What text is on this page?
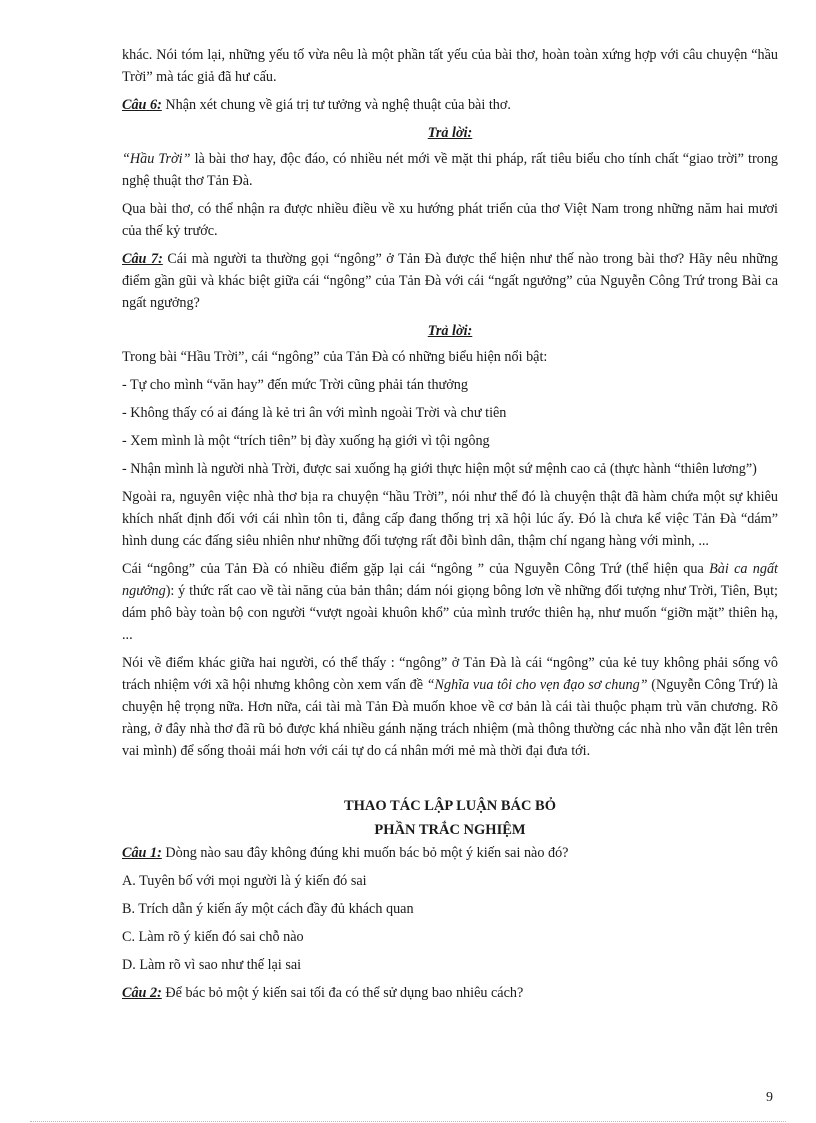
khác. Nói tóm lại, những yếu tố vừa nêu là một phần tất yếu của bài thơ, hoàn toàn xứng hợp với câu chuyện “hầu Trời” mà tác giả đã hư cấu.

Câu 6: Nhận xét chung về giá trị tư tưởng và nghệ thuật của bài thơ.

Trả lời:

“Hầu Trời” là bài thơ hay, độc đáo, có nhiều nét mới về mặt thi pháp, rất tiêu biểu cho tính chất “giao trời” trong nghệ thuật thơ Tản Đà.

Qua bài thơ, có thể nhận ra được nhiều điều về xu hướng phát triển của thơ Việt Nam trong những năm hai mươi của thế kỷ trước.

Câu 7: Cái mà người ta thường gọi “ngông” ở Tản Đà được thể hiện như thế nào trong bài thơ? Hãy nêu những điểm gần gũi và khác biệt giữa cái “ngông” của Tản Đà với cái “ngất ngưởng” của Nguyễn Công Trứ trong Bài ca ngất ngưởng?

Trả lời:

Trong bài “Hầu Trời”, cái “ngông” của Tản Đà có những biểu hiện nổi bật:

- Tự cho mình “văn hay” đến mức Trời cũng phải tán thưởng

- Không thấy có ai đáng là kẻ tri ân với mình ngoài Trời và chư tiên

- Xem mình là một “trích tiên” bị đày xuống hạ giới vì tội ngông

- Nhận mình là người nhà Trời, được sai xuống hạ giới thực hiện một sứ mệnh cao cả (thực hành “thiên lương”)

Ngoài ra, nguyên việc nhà thơ bịa ra chuyện “hầu Trời”, nói như thể đó là chuyện thật đã hàm chứa một sự khiêu khích nhất định đối với cái nhìn tôn ti, đẳng cấp đang thống trị xã hội lúc ấy. Đó là chưa kể việc Tản Đà “dám” hình dung các đấng siêu nhiên như những đối tượng rất đỗi bình dân, thậm chí ngang hàng với mình, ...

Cái “ngông” của Tản Đà có nhiều điểm gặp lại cái “ngông ” của Nguyễn Công Trứ (thể hiện qua Bài ca ngất ngưởng): ý thức rất cao về tài năng của bản thân; dám nói giọng bông lơn về những đối tượng như Trời, Tiên, Bụt; dám phô bày toàn bộ con người “vượt ngoài khuôn khổ” của mình trước thiên hạ, như muốn “giỡn mặt” thiên hạ, ...

Nói về điểm khác giữa hai người, có thể thấy : “ngông” ở Tản Đà là cái “ngông” của kẻ tuy không phải sống vô trách nhiệm với xã hội nhưng không còn xem vấn đề “Nghĩa vua tôi cho vẹn đạo sơ chung” (Nguyễn Công Trứ) là chuyện hệ trọng nữa. Hơn nữa, cái tài mà Tản Đà muốn khoe về cơ bản là cái tài thuộc phạm trù văn chương. Rõ ràng, ở đây nhà thơ đã rũ bỏ được khá nhiều gánh nặng trách nhiệm (mà thông thường các nhà nho vẫn đặt lên trên vai mình) để sống thoải mái hơn với cái tự do cá nhân mới mẻ mà thời đại đưa tới.

THAO TÁC LẬP LUẬN BÁC BỎ
PHẦN TRẮC NGHIỆM

Câu 1: Dòng nào sau đây không đúng khi muốn bác bỏ một ý kiến sai nào đó?

A. Tuyên bố với mọi người là ý kiến đó sai
B. Trích dẫn ý kiến ấy một cách đầy đủ khách quan
C. Làm rõ ý kiến đó sai chỗ nào
D. Làm rõ vì sao như thế lại sai

Câu 2: Để bác bỏ một ý kiến sai tối đa có thể sử dụng bao nhiêu cách?

9
